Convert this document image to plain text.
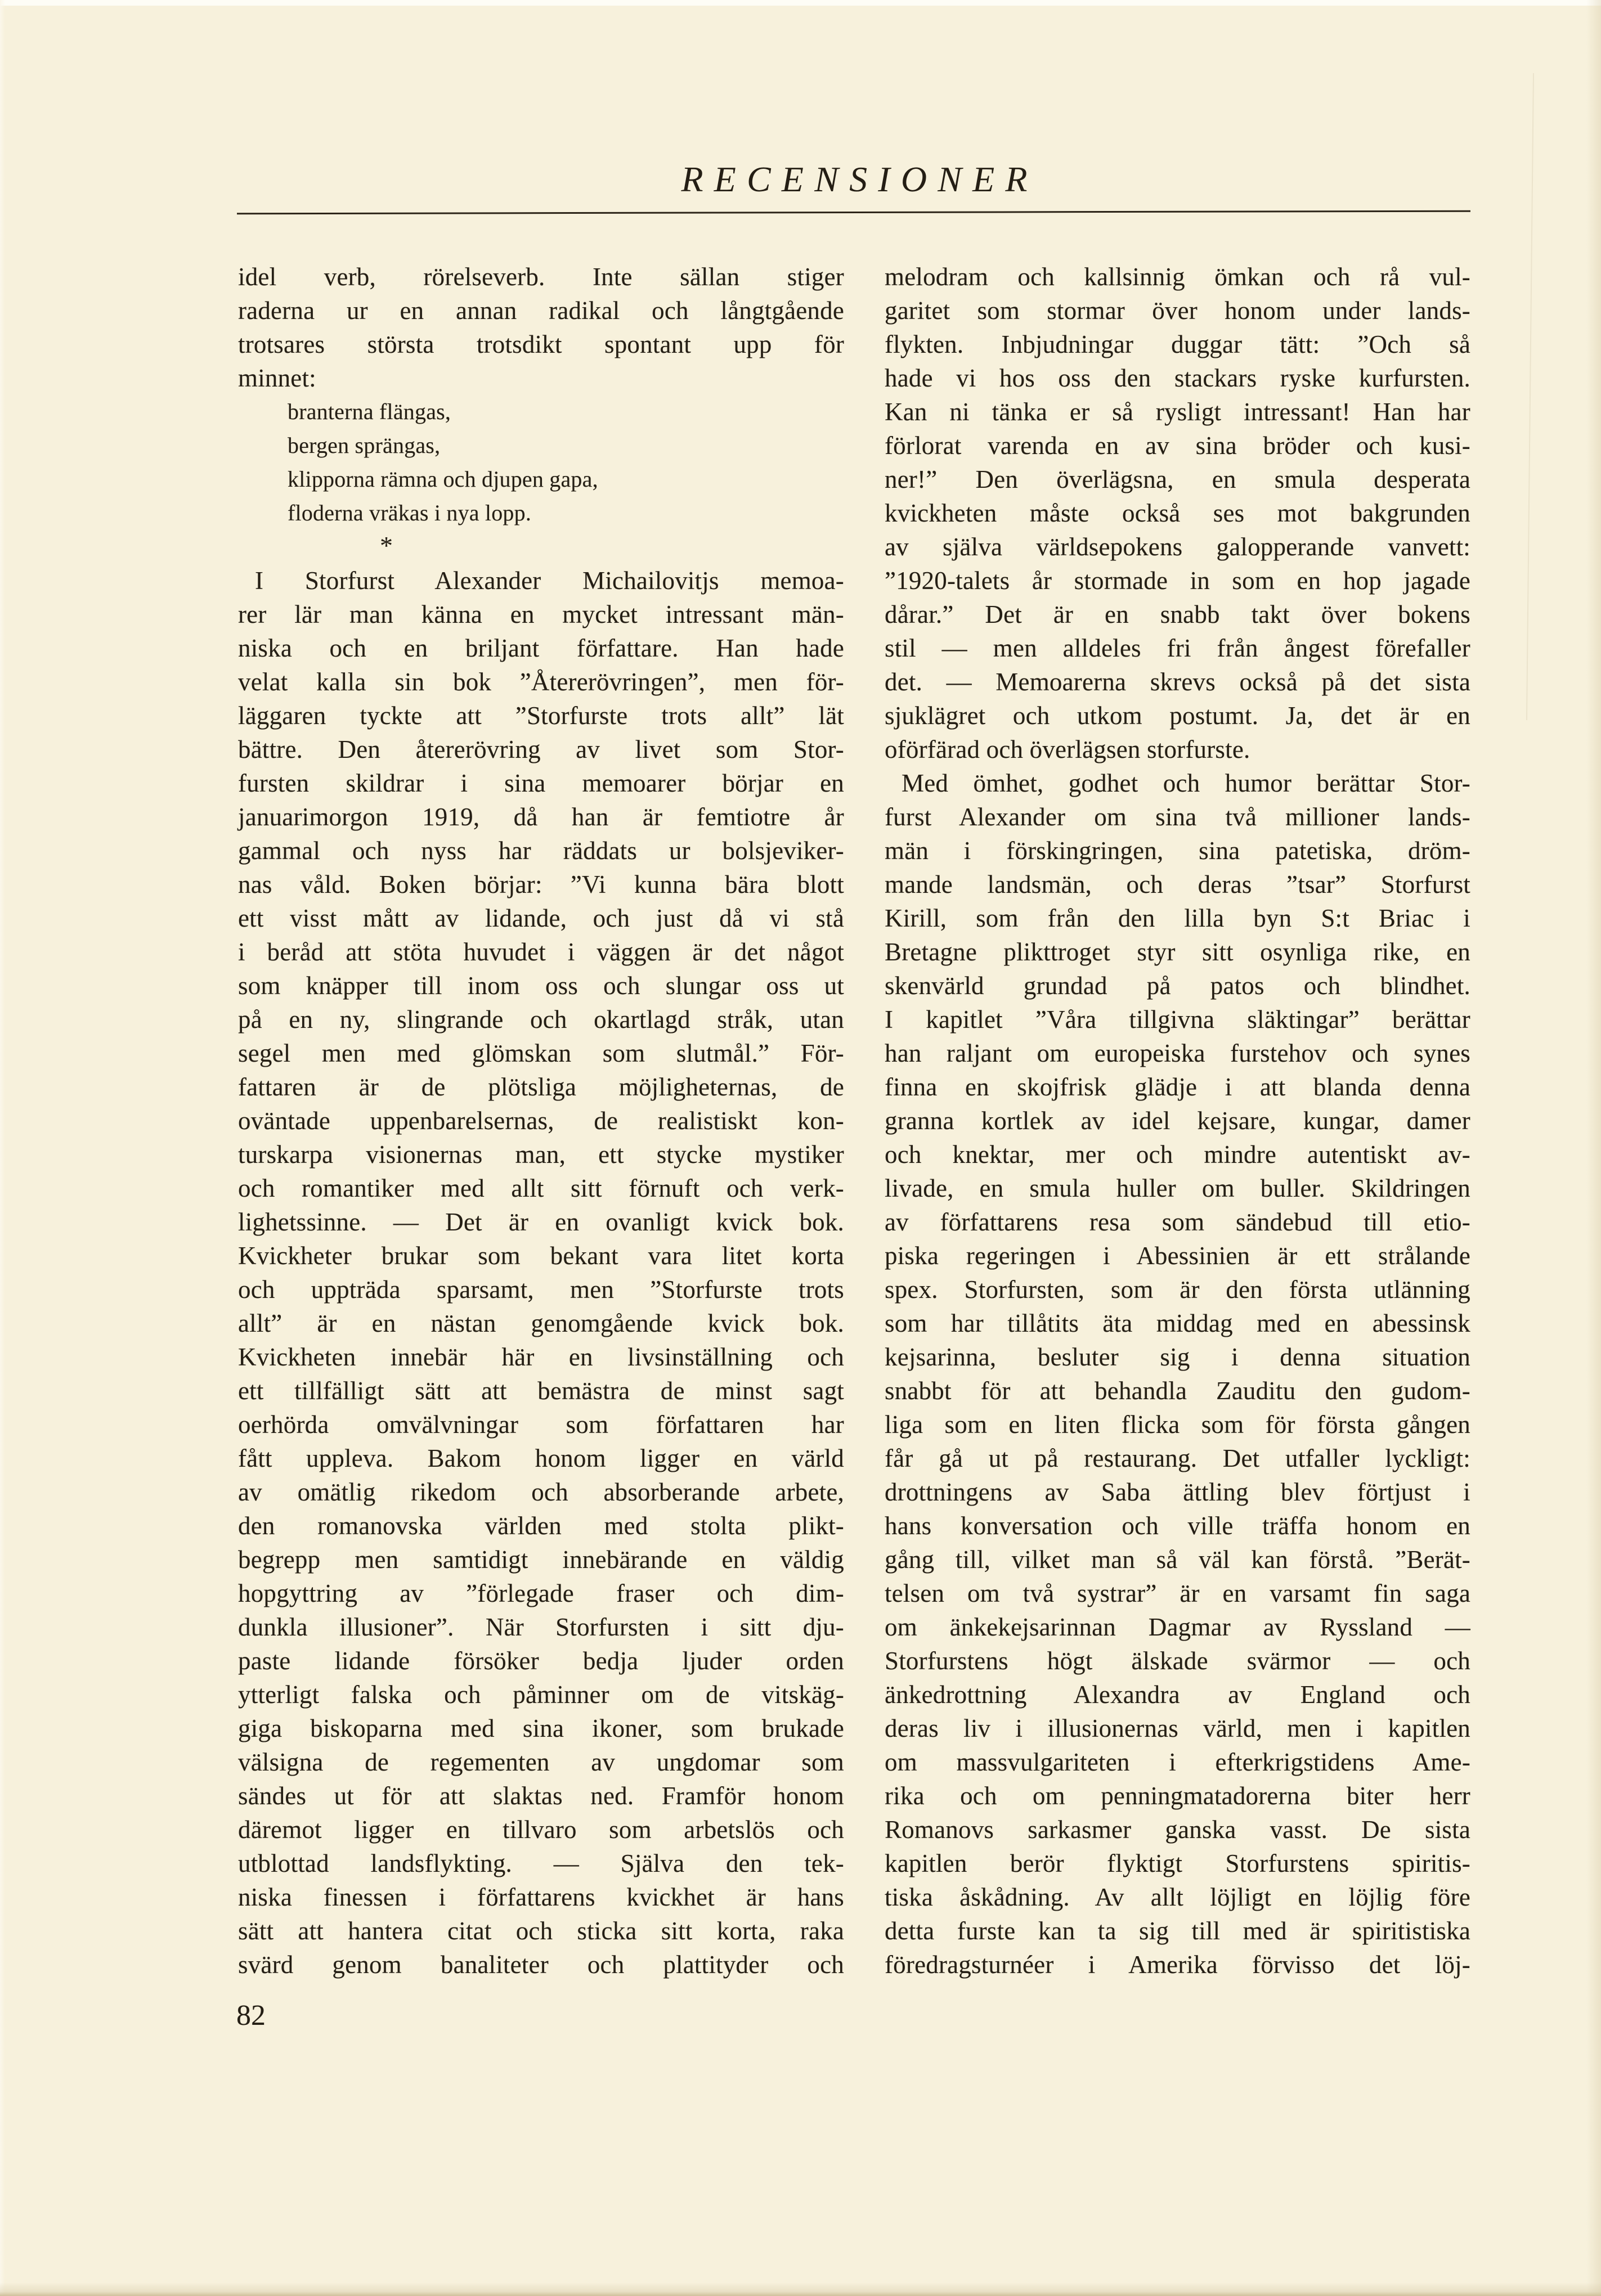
RECENSIONER
idel verb, rörelseverb. Inte sällan stiger
raderna ur en annan radikal och långtgående
trotsares största trotsdikt spontant upp för
minnet:
branterna flängas,
bergen sprängas,
klipporna rämna och djupen gapa,
floderna vräkas i nya lopp.
*
I Storfurst Alexander Michailovitjs memoa-
rer lär man känna en mycket intressant män-
niska och en briljant författare. Han hade
velat kalla sin bok ”Återerövringen”, men för-
läggaren tyckte att ”Storfurste trots allt” lät
bättre. Den återerövring av livet som Stor-
fursten skildrar i sina memoarer börjar en
januarimorgon 1919, då han är femtiotre år
gammal och nyss har räddats ur bolsjeviker-
nas våld. Boken börjar: ”Vi kunna bära blott
ett visst mått av lidande, och just då vi stå
i beråd att stöta huvudet i väggen är det något
som knäpper till inom oss och slungar oss ut
på en ny, slingrande och okartlagd stråk, utan
segel men med glömskan som slutmål.” För-
fattaren är de plötsliga möjligheternas, de
oväntade uppenbarelsernas, de realistiskt kon-
turskarpa visionernas man, ett stycke mystiker
och romantiker med allt sitt förnuft och verk-
lighetssinne. — Det är en ovanligt kvick bok.
Kvickheter brukar som bekant vara litet korta
och uppträda sparsamt, men ”Storfurste trots
allt” är en nästan genomgående kvick bok.
Kvickheten innebär här en livsinställning och
ett tillfälligt sätt att bemästra de minst sagt
oerhörda omvälvningar som författaren har
fått uppleva. Bakom honom ligger en värld
av omätlig rikedom och absorberande arbete,
den romanovska världen med stolta plikt-
begrepp men samtidigt innebärande en väldig
hopgyttring av ”förlegade fraser och dim-
dunkla illusioner”. När Storfursten i sitt dju-
paste lidande försöker bedja ljuder orden
ytterligt falska och påminner om de vitskäg-
giga biskoparna med sina ikoner, som brukade
välsigna de regementen av ungdomar som
sändes ut för att slaktas ned. Framför honom
däremot ligger en tillvaro som arbetslös och
utblottad landsflykting. — Själva den tek-
niska finessen i författarens kvickhet är hans
sätt att hantera citat och sticka sitt korta, raka
svärd genom banaliteter och plattityder och
melodram och kallsinnig ömkan och rå vul-
garitet som stormar över honom under lands-
flykten. Inbjudningar duggar tätt: ”Och så
hade vi hos oss den stackars ryske kurfursten.
Kan ni tänka er så rysligt intressant! Han har
förlorat varenda en av sina bröder och kusi-
ner!” Den överlägsna, en smula desperata
kvickheten måste också ses mot bakgrunden
av själva världsepokens galopperande vanvett:
”1920-talets år stormade in som en hop jagade
dårar.” Det är en snabb takt över bokens
stil — men alldeles fri från ångest förefaller
det. — Memoarerna skrevs också på det sista
sjuklägret och utkom postumt. Ja, det är en
oförfärad och överlägsen storfurste.
Med ömhet, godhet och humor berättar Stor-
furst Alexander om sina två millioner lands-
män i förskingringen, sina patetiska, dröm-
mande landsmän, och deras ”tsar” Storfurst
Kirill, som från den lilla byn S:t Briac i
Bretagne plikttroget styr sitt osynliga rike, en
skenvärld grundad på patos och blindhet.
I kapitlet ”Våra tillgivna släktingar” berättar
han raljant om europeiska furstehov och synes
finna en skojfrisk glädje i att blanda denna
granna kortlek av idel kejsare, kungar, damer
och knektar, mer och mindre autentiskt av-
livade, en smula huller om buller. Skildringen
av författarens resa som sändebud till etio-
piska regeringen i Abessinien är ett strålande
spex. Storfursten, som är den första utlänning
som har tillåtits äta middag med en abessinsk
kejsarinna, besluter sig i denna situation
snabbt för att behandla Zauditu den gudom-
liga som en liten flicka som för första gången
får gå ut på restaurang. Det utfaller lyckligt:
drottningens av Saba ättling blev förtjust i
hans konversation och ville träffa honom en
gång till, vilket man så väl kan förstå. ”Berät-
telsen om två systrar” är en varsamt fin saga
om änkekejsarinnan Dagmar av Ryssland —
Storfurstens högt älskade svärmor — och
änkedrottning Alexandra av England och
deras liv i illusionernas värld, men i kapitlen
om massvulgariteten i efterkrigstidens Ame-
rika och om penningmatadorerna biter herr
Romanovs sarkasmer ganska vasst. De sista
kapitlen berör flyktigt Storfurstens spiritis-
tiska åskådning. Av allt löjligt en löjlig före
detta furste kan ta sig till med är spiritistiska
föredragsturnéer i Amerika förvisso det löj-
82
